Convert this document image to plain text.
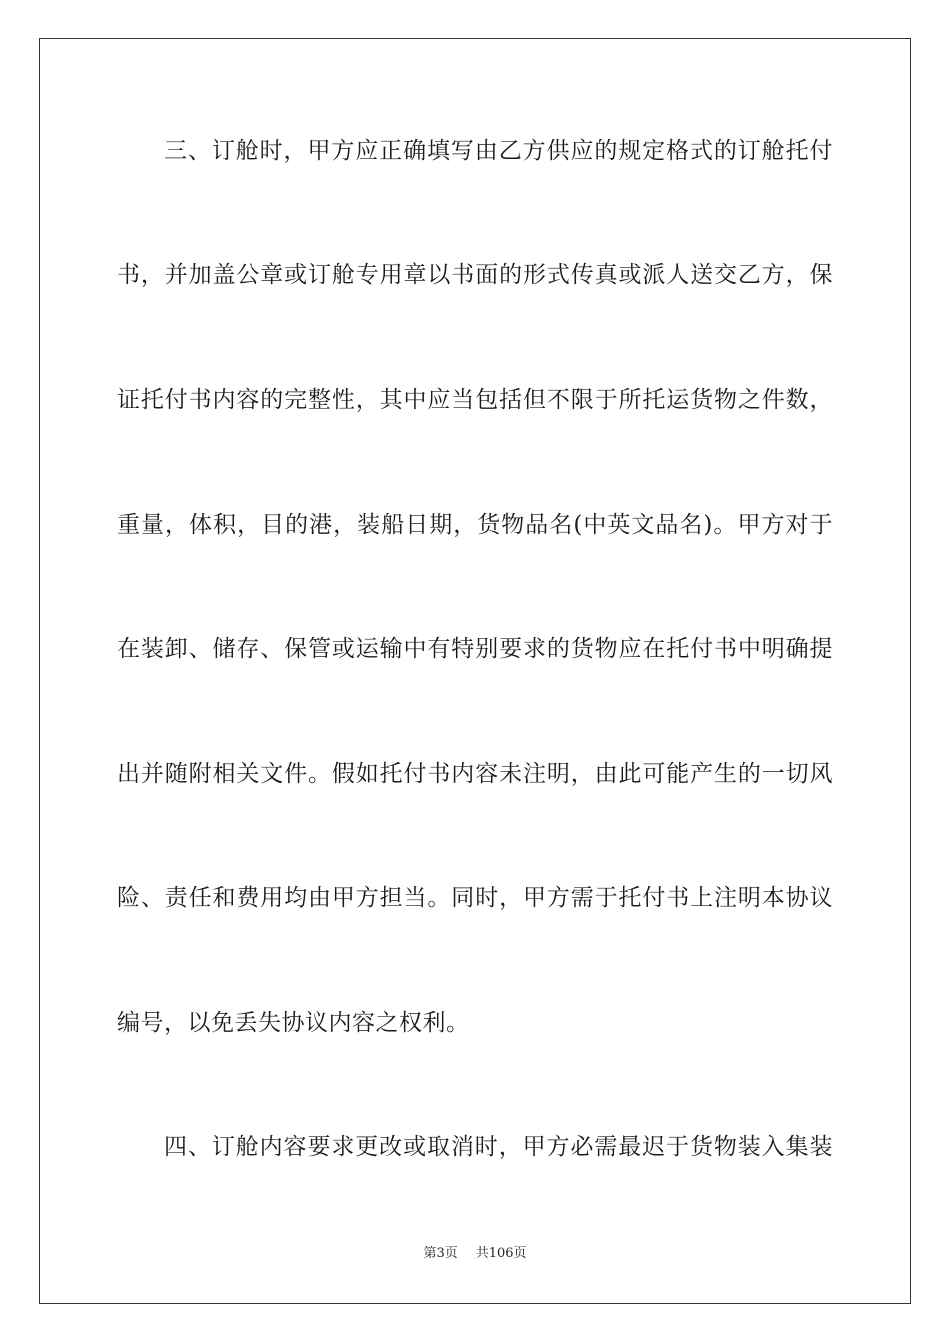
三、订舱时，甲方应正确填写由乙方供应的规定格式的订舱托付
书，并加盖公章或订舱专用章以书面的形式传真或派人送交乙方，保
证托付书内容的完整性，其中应当包括但不限于所托运货物之件数，
重量，体积，目的港，装船日期，货物品名(中英文品名)。甲方对于
在装卸、储存、保管或运输中有特别要求的货物应在托付书中明确提
出并随附相关文件。假如托付书内容未注明，由此可能产生的一切风
险、责任和费用均由甲方担当。同时，甲方需于托付书上注明本协议
编号，以免丢失协议内容之权利。
四、订舱内容要求更改或取消时，甲方必需最迟于货物装入集装
第3页 共106页
